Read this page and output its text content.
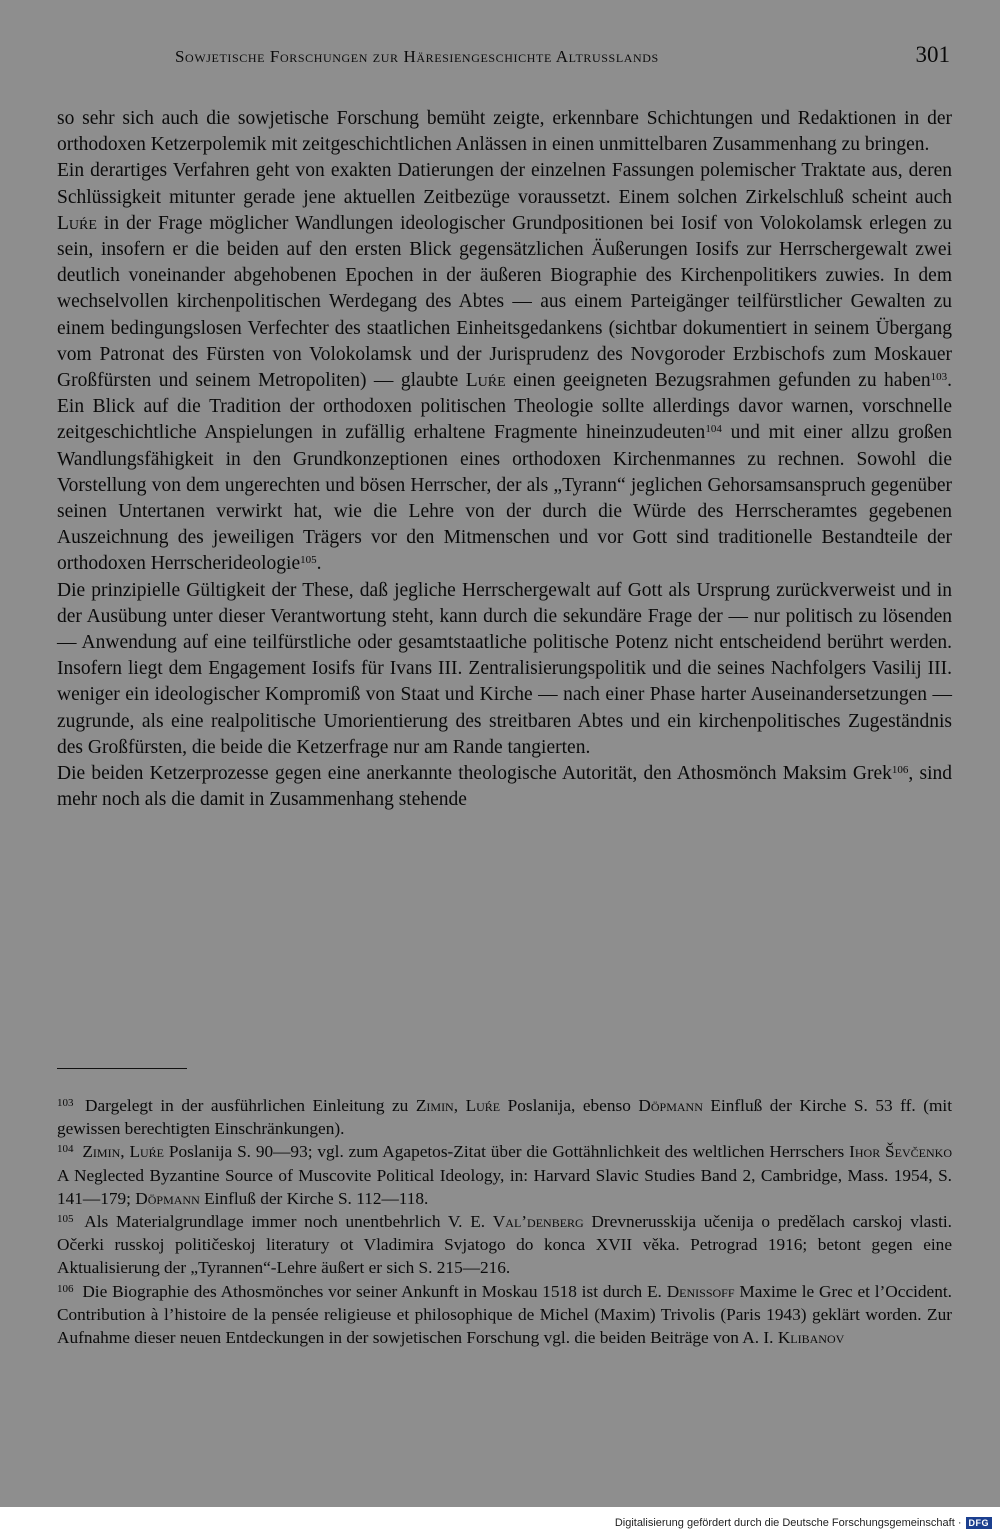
Sowjetische Forschungen zur Häresiengeschichte Altrusslands	301

so sehr sich auch die sowjetische Forschung bemüht zeigte, erkennbare Schichtungen und Redaktionen in der orthodoxen Ketzerpolemik mit zeitgeschichtlichen Anlässen in einen unmittelbaren Zusammenhang zu bringen.

Ein derartiges Verfahren geht von exakten Datierungen der einzelnen Fassungen polemischer Traktate aus, deren Schlüssigkeit mitunter gerade jene aktuellen Zeitbezüge voraussetzt. Einem solchen Zirkelschluß scheint auch Luŕe in der Frage möglicher Wandlungen ideologischer Grundpositionen bei Iosif von Volokolamsk erlegen zu sein, insofern er die beiden auf den ersten Blick gegensätzlichen Äußerungen Iosifs zur Herrschergewalt zwei deutlich voneinander abgehobenen Epochen in der äußeren Biographie des Kirchenpolitikers zuwies. In dem wechselvollen kirchenpolitischen Werdegang des Abtes — aus einem Parteigänger teilfürstlicher Gewalten zu einem bedingungslosen Verfechter des staatlichen Einheitsgedankens (sichtbar dokumentiert in seinem Übergang vom Patronat des Fürsten von Volokolamsk und der Jurisprudenz des Novgoroder Erzbischofs zum Moskauer Großfürsten und seinem Metropoliten) — glaubte Luŕe einen geeigneten Bezugsrahmen gefunden zu haben$^{103}$. Ein Blick auf die Tradition der orthodoxen politischen Theologie sollte allerdings davor warnen, vorschnelle zeitgeschichtliche Anspielungen in zufällig erhaltene Fragmente hineinzudeuten$^{104}$ und mit einer allzu großen Wandlungsfähigkeit in den Grundkonzeptionen eines orthodoxen Kirchenmannes zu rechnen. Sowohl die Vorstellung von dem ungerechten und bösen Herrscher, der als „Tyrann“ jeglichen Gehorsamsanspruch gegenüber seinen Untertanen verwirkt hat, wie die Lehre von der durch die Würde des Herrscheramtes gegebenen Auszeichnung des jeweiligen Trägers vor den Mitmenschen und vor Gott sind traditionelle Bestandteile der orthodoxen Herrscherideologie$^{105}$.

Die prinzipielle Gültigkeit der These, daß jegliche Herrschergewalt auf Gott als Ursprung zurückverweist und in der Ausübung unter dieser Verantwortung steht, kann durch die sekundäre Frage der — nur politisch zu lösenden — Anwendung auf eine teilfürstliche oder gesamtstaatliche politische Potenz nicht entscheidend berührt werden. Insofern liegt dem Engagement Iosifs für Ivans III. Zentralisierungspolitik und die seines Nachfolgers Vasilij III. weniger ein ideologischer Kompromiß von Staat und Kirche — nach einer Phase harter Auseinandersetzungen — zugrunde, als eine realpolitische Umorientierung des streitbaren Abtes und ein kirchenpolitisches Zugeständnis des Großfürsten, die beide die Ketzerfrage nur am Rande tangierten.

Die beiden Ketzerprozesse gegen eine anerkannte theologische Autorität, den Athosmönch Maksim Grek$^{106}$, sind mehr noch als die damit in Zusammenhang stehende

$^{103}$ Dargelegt in der ausführlichen Einleitung zu Zimin, Luŕe Poslanija, ebenso Döpmann Einfluß der Kirche S. 53 ff. (mit gewissen berechtigten Einschränkungen).

$^{104}$ Zimin, Luŕe Poslanija S. 90—93; vgl. zum Agapetos-Zitat über die Gottähnlichkeit des weltlichen Herrschers Ihor Ševčenko A Neglected Byzantine Source of Muscovite Political Ideology, in: Harvard Slavic Studies Band 2, Cambridge, Mass. 1954, S. 141—179; Döpmann Einfluß der Kirche S. 112—118.

$^{105}$ Als Materialgrundlage immer noch unentbehrlich V. E. Val’denberg Drevnerusskija učenija o predělach carskoj vlasti. Očerki russkoj političeskoj literatury ot Vladimira Svjatogo do konca XVII věka. Petrograd 1916; betont gegen eine Aktualisierung der „Tyrannen“-Lehre äußert er sich S. 215—216.

$^{106}$ Die Biographie des Athosmönches vor seiner Ankunft in Moskau 1518 ist durch E. Denissoff Maxime le Grec et l’Occident. Contribution à l’histoire de la pensée religieuse et philosophique de Michel (Maxim) Trivolis (Paris 1943) geklärt worden. Zur Aufnahme dieser neuen Entdeckungen in der sowjetischen Forschung vgl. die beiden Beiträge von A. I. Klibanov

Digitalisierung gefördert durch die Deutsche Forschungsgemeinschaft · DFG
